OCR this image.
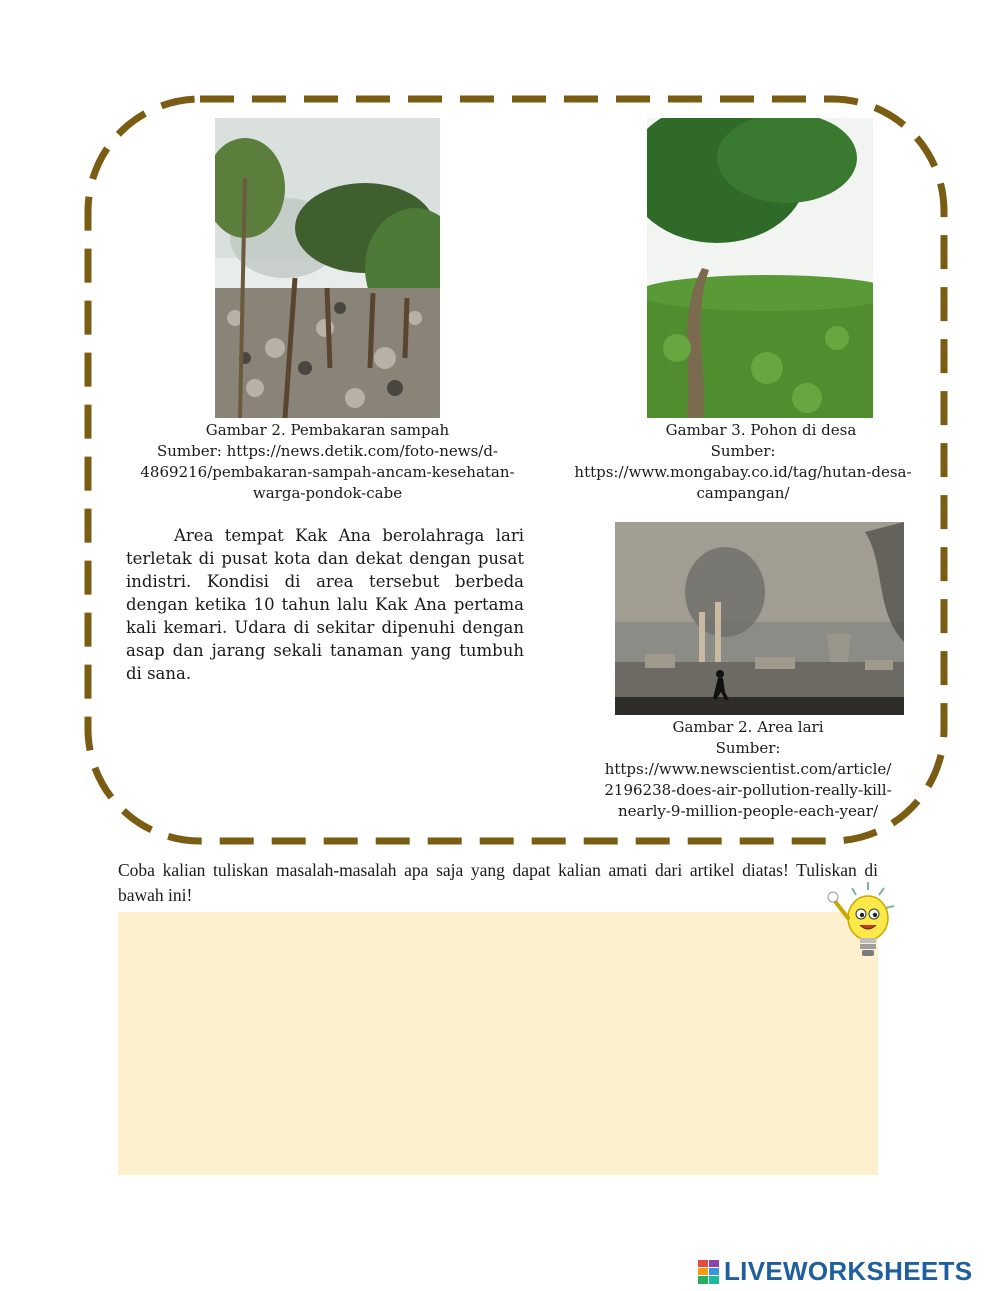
Gambar 2. Pembakaran sampah
Sumber: https://news.detik.com/foto-news/d-
4869216/pembakaran-sampah-ancam-kesehatan-
warga-pondok-cabe
Gambar 3. Pohon di desa
Sumber:
https://www.mongabay.co.id/tag/hutan-desa-
campangan/
Gambar 2. Area lari
Sumber:
https://www.newscientist.com/article/
2196238-does-air-pollution-really-kill-
nearly-9-million-people-each-year/

Area tempat Kak Ana berolahraga lari terletak di pusat kota dan dekat dengan pusat indistri. Kondisi di area tersebut berbeda dengan ketika 10 tahun lalu Kak Ana pertama kali kemari. Udara di sekitar dipenuhi dengan asap dan jarang sekali tanaman yang tumbuh di sana.

Coba kalian tuliskan masalah-masalah apa saja yang dapat kalian amati dari artikel diatas! Tuliskan di bawah ini!

LIVEWORKSHEETS
